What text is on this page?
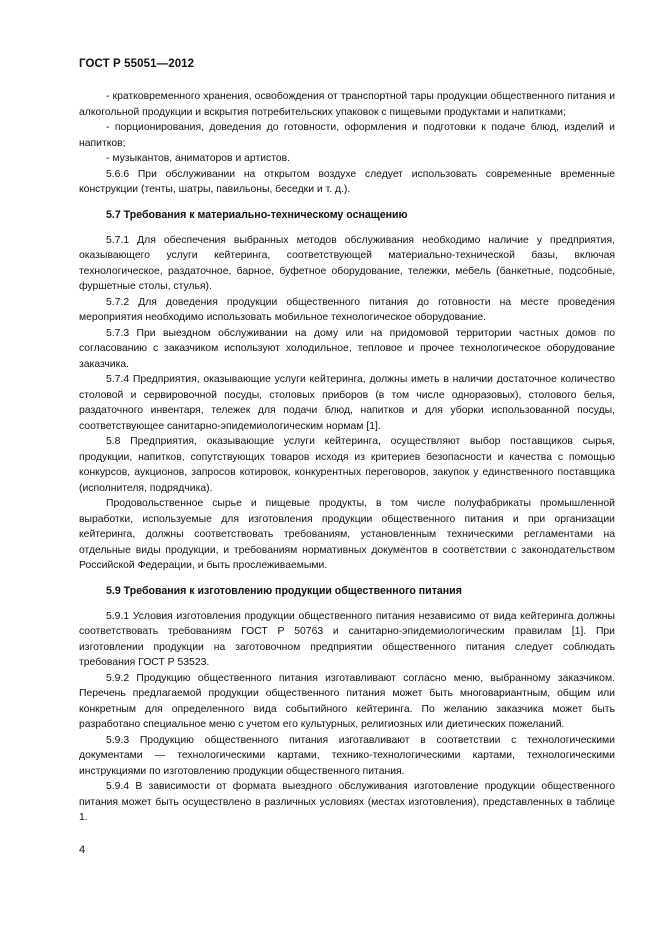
ГОСТ Р 55051—2012

- кратковременного хранения, освобождения от транспортной тары продукции общественного питания и алкогольной продукции и вскрытия потребительских упаковок с пищевыми продуктами и напитками;

- порционирования, доведения до готовности, оформления и подготовки к подаче блюд, изделий и напитков;

- музыкантов, аниматоров и артистов.

5.6.6 При обслуживании на открытом воздухе следует использовать современные временные конструкции (тенты, шатры, павильоны, беседки и т. д.).

5.7 Требования к материально-техническому оснащению

5.7.1 Для обеспечения выбранных методов обслуживания необходимо наличие у предприятия, оказывающего услуги кейтеринга, соответствующей материально-технической базы, включая технологическое, раздаточное, барное, буфетное оборудование, тележки, мебель (банкетные, подсобные, фуршетные столы, стулья).

5.7.2 Для доведения продукции общественного питания до готовности на месте проведения мероприятия необходимо использовать мобильное технологическое оборудование.

5.7.3 При выездном обслуживании на дому или на придомовой территории частных домов по согласованию с заказчиком используют холодильное, тепловое и прочее технологическое оборудование заказчика.

5.7.4 Предприятия, оказывающие услуги кейтеринга, должны иметь в наличии достаточное количество столовой и сервировочной посуды, столовых приборов (в том числе одноразовых), столового белья, раздаточного инвентаря, тележек для подачи блюд, напитков и для уборки использованной посуды, соответствующее санитарно-эпидемиологическим нормам [1].

5.8 Предприятия, оказывающие услуги кейтеринга, осуществляют выбор поставщиков сырья, продукции, напитков, сопутствующих товаров исходя из критериев безопасности и качества с помощью конкурсов, аукционов, запросов котировок, конкурентных переговоров, закупок у единственного поставщика (исполнителя, подрядчика).

Продовольственное сырье и пищевые продукты, в том числе полуфабрикаты промышленной выработки, используемые для изготовления продукции общественного питания и при организации кейтеринга, должны соответствовать требованиям, установленным техническими регламентами на отдельные виды продукции, и требованиям нормативных документов в соответствии с законодательством Российской Федерации, и быть прослеживаемыми.

5.9 Требования к изготовлению продукции общественного питания

5.9.1 Условия изготовления продукции общественного питания независимо от вида кейтеринга должны соответствовать требованиям ГОСТ Р 50763 и санитарно-эпидемиологическим правилам [1]. При изготовлении продукции на заготовочном предприятии общественного питания следует соблюдать требования ГОСТ Р 53523.

5.9.2 Продукцию общественного питания изготавливают согласно меню, выбранному заказчиком. Перечень предлагаемой продукции общественного питания может быть многовариантным, общим или конкретным для определенного вида событийного кейтеринга. По желанию заказчика может быть разработано специальное меню с учетом его культурных, религиозных или диетических пожеланий.

5.9.3 Продукцию общественного питания изготавливают в соответствии с технологическими документами — технологическими картами, технико-технологическими картами, технологическими инструкциями по изготовлению продукции общественного питания.

5.9.4 В зависимости от формата выездного обслуживания изготовление продукции общественного питания может быть осуществлено в различных условиях (местах изготовления), представленных в таблице 1.

4
